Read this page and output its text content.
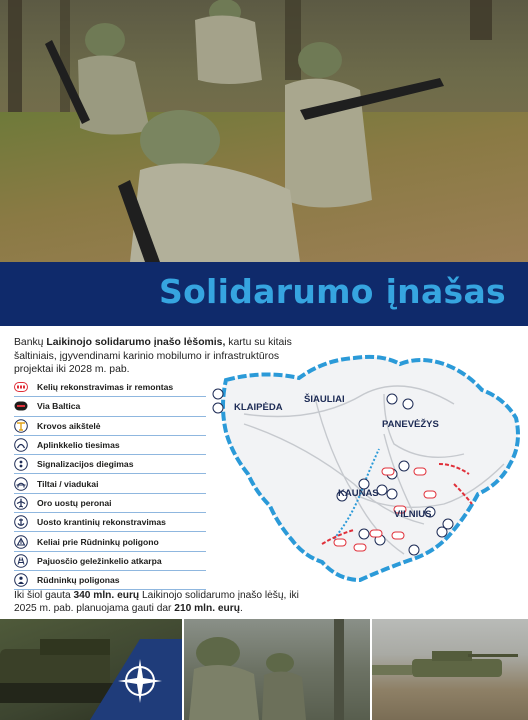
Solidarumo įnašas

Bankų Laikinojo solidarumo įnašo lėšomis, kartu su kitais šaltiniais, įgyvendinami karinio mobilumo ir infrastruktūros projektai iki 2028 m. pab.

Kelių rekonstravimas ir remontas
Via Baltica
Krovos aikštelė
Aplinkkelio tiesimas
Signalizacijos diegimas
Tiltai / viadukai
Oro uostų peronai
Uosto krantinių rekonstravimas
Keliai prie Rūdninkų poligono
Pajuosčio geležinkelio atkarpa
Rūdninkų poligonas

Iki šiol gauta 340 mln. eurų Laikinojo solidarumo įnašo lėšų, iki 2025 m. pab. planuojama gauti dar 210 mln. eurų.

KLAIPĖDA
ŠIAULIAI
PANEVĖŽYS
KAUNAS
VILNIUS
